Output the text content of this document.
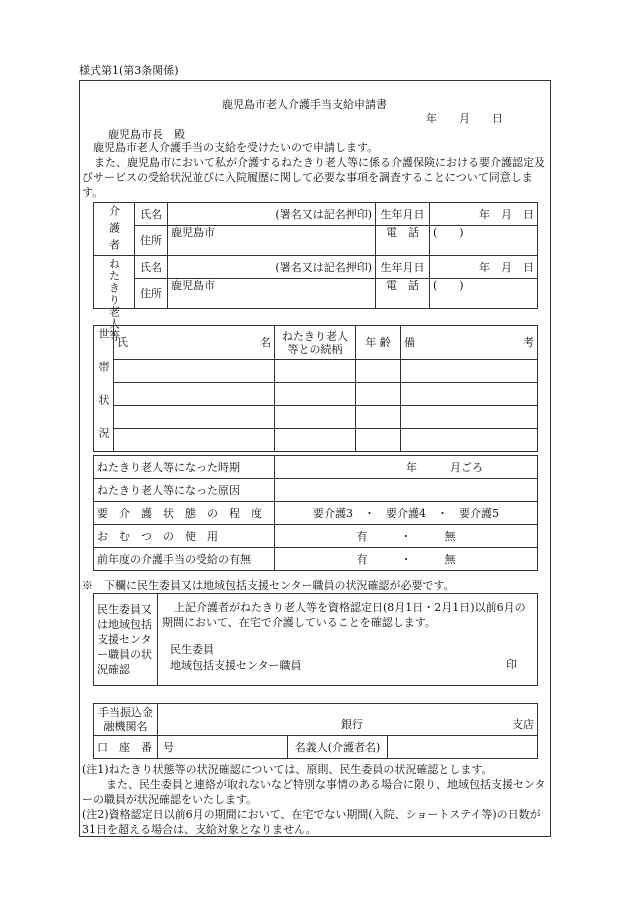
様式第1(第3条関係)
鹿児島市老人介護手当支給申請書
年　　月　　日
鹿児島市長　殿

鹿児島市老人介護手当の支給を受けたいので申請します。

また、鹿児島市において私が介護するねたきり老人等に係る介護保険における要介護認定及びサービスの受給状況並びに入院履歴に関して必要な事項を調査することについて同意します。

介護者	氏名	(署名又は記名押印)	生年月日	年　月　日
	住所	鹿児島市	電　話	(　　)
ねたきり老人等	氏名	(署名又は記名押印)	生年月日	年　月　日
	住所	鹿児島市	電　話	(　　)
世帯状況	氏 名	ねたきり老人等との続柄	年 齢	備 考

ねたきり老人等になった時期	年　　　月ごろ
ねたきり老人等になった原因	
要　介　護　状　態　の　程　度	要介護3　・　要介護4　・　要介護5
お　む　つ　の　使　用	有　　　・　　　無
前年度の介護手当の受給の有無	有　　　・　　　無
※　下欄に民生委員又は地域包括支援センター職員の状況確認が必要です。
民生委員又は地域包括支援センター職員の状況確認	
上記介護者がねたきり老人等を資格認定日(8月1日・2月1日)以前6月の期間において、在宅で介護していることを確認します。
民生委員
地域包括支援センター職員	印
手当振込金融機関名	銀行 支店		

口　座　番　号		名義人(介護者名)	

(注1)ねたきり状態等の状況確認については、原則、民生委員の状況確認とします。

また、民生委員と連絡が取れないなど特別な事情のある場合に限り、地域包括支援センターの職員が状況確認をいたします。

(注2)資格認定日以前6月の期間において、在宅でない期間(入院、ショートステイ等)の日数が31日を超える場合は、支給対象となりません。
